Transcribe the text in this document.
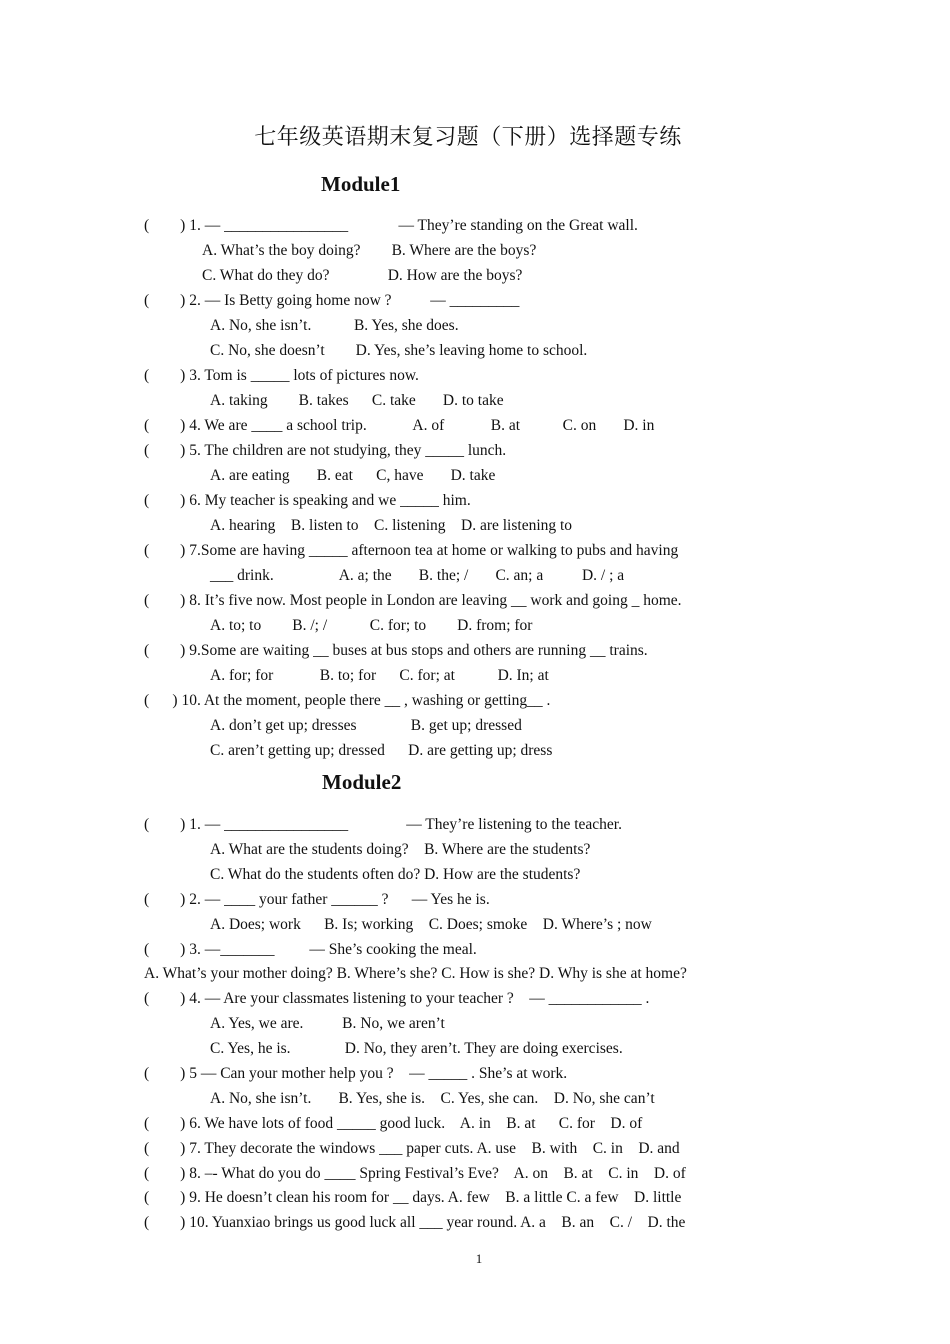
七年级英语期末复习题（下册）选择题专练
Module1
(        ) 1. — ________________             — They’re standing on the Great wall.
A. What’s the boy doing?        B. Where are the boys?
C. What do they do?               D. How are the boys?
(        ) 2. — Is Betty going home now ?          — _________
A. No, she isn’t.           B. Yes, she does.
C. No, she doesn’t        D. Yes, she’s leaving home to school.
(        ) 3. Tom is _____ lots of pictures now.
A. taking        B. takes      C. take       D. to take
(        ) 4. We are ____ a school trip.            A. of            B. at           C. on       D. in
(        ) 5. The children are not studying, they _____ lunch.
A. are eating       B. eat      C, have       D. take
(        ) 6. My teacher is speaking and we _____ him.
A. hearing    B. listen to    C. listening    D. are listening to
(        ) 7.Some are having _____ afternoon tea at home or walking to pubs and having
___ drink.                 A. a; the       B. the; /       C. an; a          D. / ; a
(        ) 8. It’s five now. Most people in London are leaving __ work and going _ home.
A. to; to        B. /; /           C. for; to        D. from; for
(        ) 9.Some are waiting __ buses at bus stops and others are running __ trains.
A. for; for            B. to; for      C. for; at           D. In; at
(      ) 10. At the moment, people there __ , washing or getting__ .
A. don’t get up; dresses              B. get up; dressed
C. aren’t getting up; dressed      D. are getting up; dress
Module2
(        ) 1. — ________________               — They’re listening to the teacher.
A. What are the students doing?    B. Where are the students?
C. What do the students often do? D. How are the students?
(        ) 2. — ____ your father ______ ?      — Yes he is.
A. Does; work      B. Is; working    C. Does; smoke    D. Where’s ; now
(        ) 3. —_______         — She’s cooking the meal.
A. What’s your mother doing? B. Where’s she? C. How is she? D. Why is she at home?
(        ) 4. — Are your classmates listening to your teacher ?    — ____________ .
A. Yes, we are.          B. No, we aren’t
C. Yes, he is.              D. No, they aren’t. They are doing exercises.
(        ) 5 — Can your mother help you ?    — _____ . She’s at work.
A. No, she isn’t.       B. Yes, she is.    C. Yes, she can.    D. No, she can’t
(        ) 6. We have lots of food _____ good luck.    A. in    B. at      C. for    D. of
(        ) 7. They decorate the windows ___ paper cuts. A. use    B. with    C. in    D. and
(        ) 8. –- What do you do ____ Spring Festival’s Eve?    A. on    B. at    C. in    D. of
(        ) 9. He doesn’t clean his room for __ days. A. few    B. a little C. a few    D. little
(        ) 10. Yuanxiao brings us good luck all ___ year round. A. a    B. an    C. /    D. the
1
